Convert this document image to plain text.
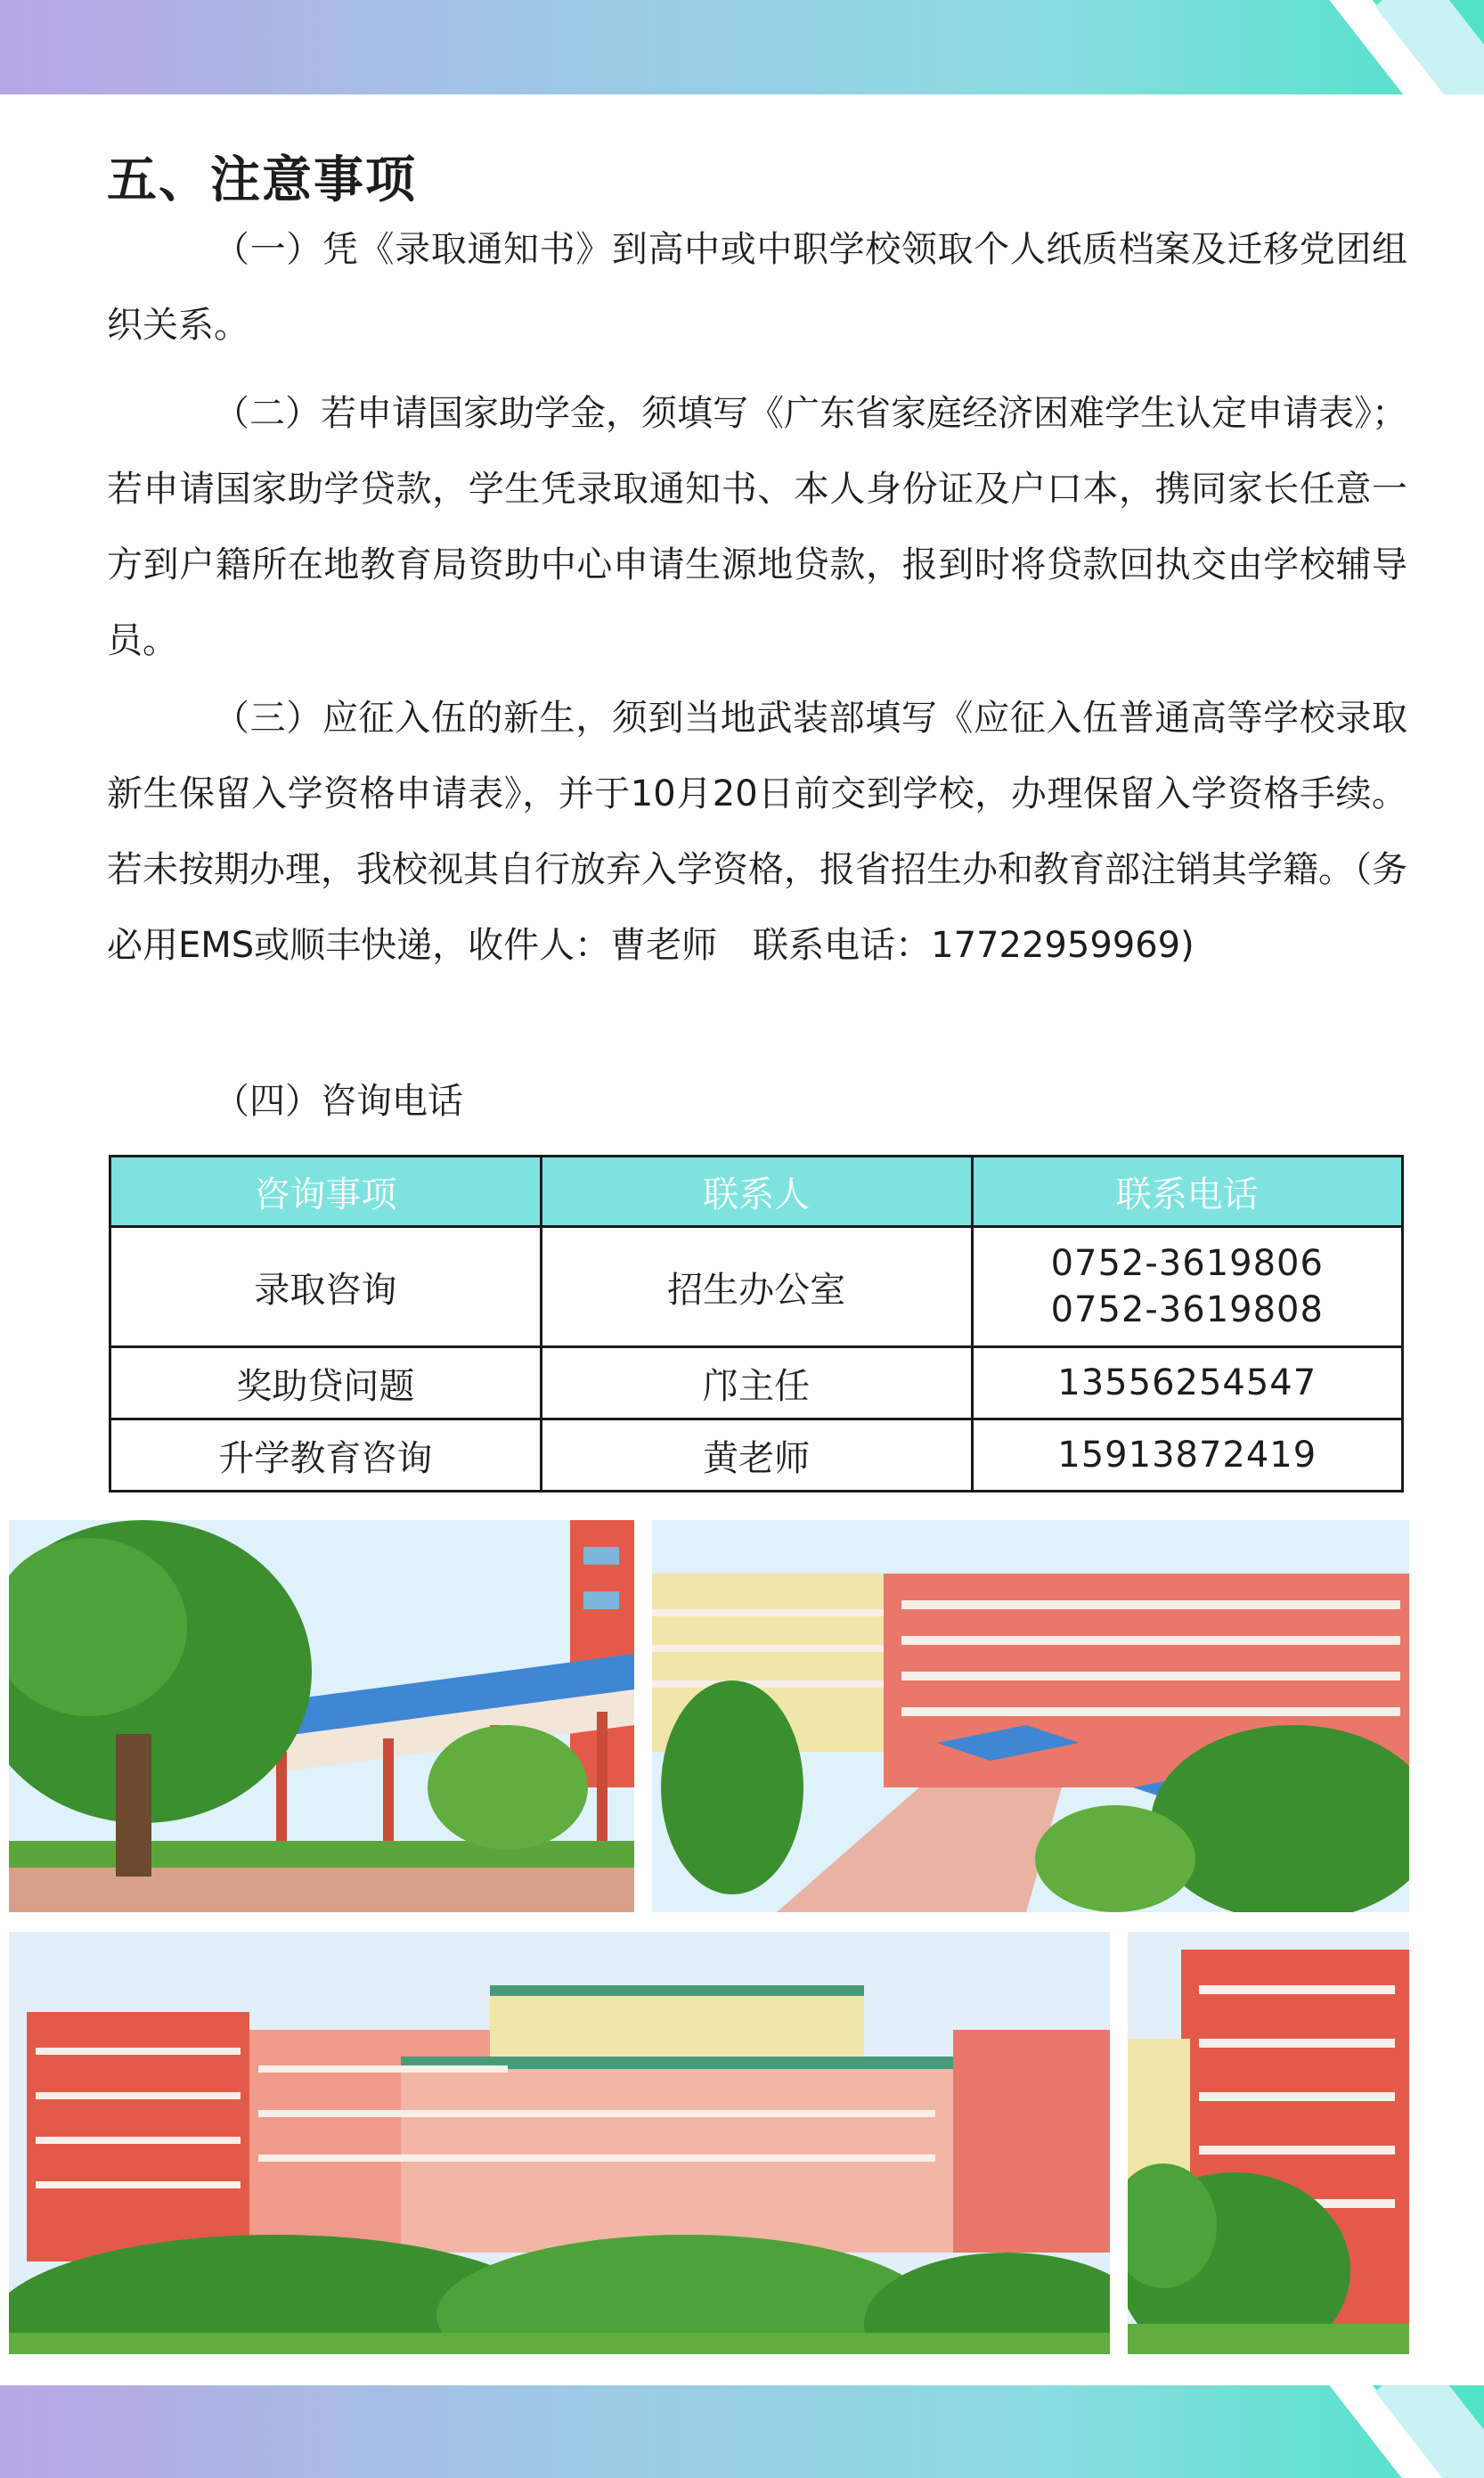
五、注意事项

（一）凭《录取通知书》到高中或中职学校领取个人纸质档案及迁移党团组织关系。

（二）若申请国家助学金，须填写《广东省家庭经济困难学生认定申请表》；若申请国家助学贷款，学生凭录取通知书、本人身份证及户口本，携同家长任意一方到户籍所在地教育局资助中心申请生源地贷款，报到时将贷款回执交由学校辅导员。

（三）应征入伍的新生，须到当地武装部填写《应征入伍普通高等学校录取新生保留入学资格申请表》，并于10月20日前交到学校，办理保留入学资格手续。若未按期办理，我校视其自行放弃入学资格，报省招生办和教育部注销其学籍。（务必用EMS或顺丰快递，收件人：曹老师　联系电话：17722959969)

（四）咨询电话

咨询事项	联系人	联系电话
录取咨询	招生办公室	0752-3619806
0752-3619808

奖助贷问题	邝主任	13556254547

升学教育咨询	黄老师	15913872419
